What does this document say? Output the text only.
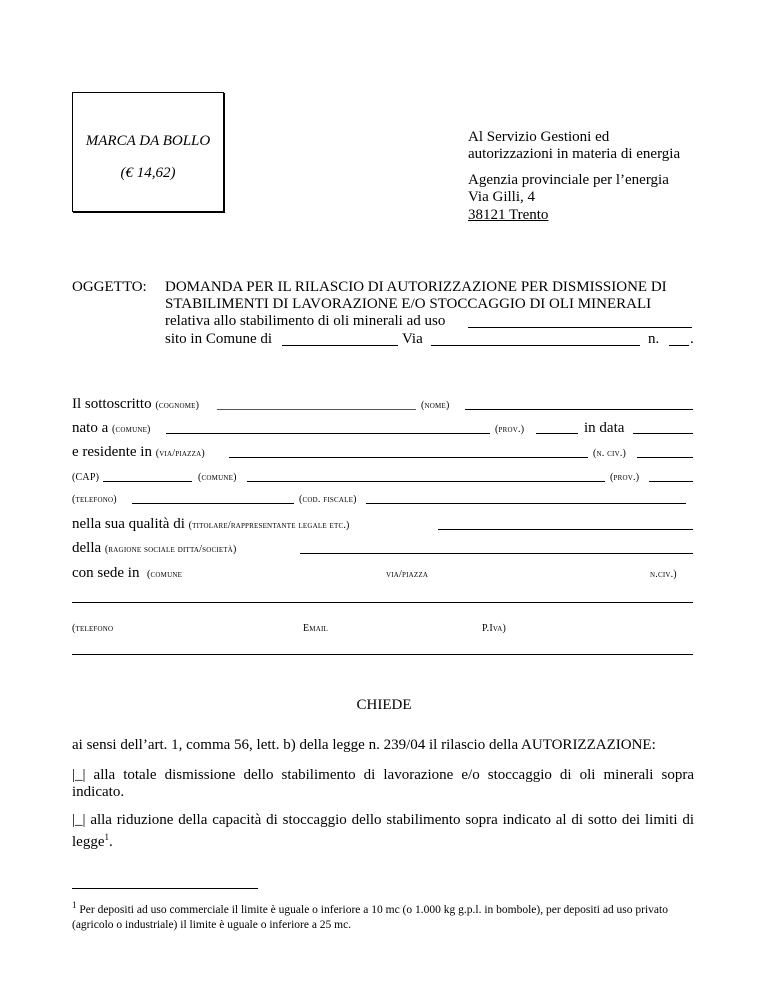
MARCA DA BOLLO
(€ 14,62)
Al Servizio Gestioni ed
autorizzazioni in materia di energia
Agenzia provinciale per l’energia
Via Gilli, 4
38121 Trento
OGGETTO: DOMANDA PER IL RILASCIO DI AUTORIZZAZIONE PER DISMISSIONE DI
STABILIMENTI DI LAVORAZIONE E/O STOCCAGGIO DI OLI MINERALI
relativa allo stabilimento di oli minerali ad uso
sito in Comune di	Via	n. .
Il sottoscritto (cognome)	(nome)
nato a (comune)	(prov.)	in data
e residente in (via/piazza)	(n. civ.)
(CAP)	(comune)	(prov.)
(telefono)	(cod. fiscale)
nella sua qualità di (titolare/rappresentante legale etc.)
della (ragione sociale ditta/società)
con sede in (comune	via/piazza	n.civ.)
(telefono	Email	P.Iva)
CHIEDE
ai sensi dell’art. 1, comma 56, lett. b) della legge n. 239/04 il rilascio della AUTORIZZAZIONE:
|_| alla totale dismissione dello stabilimento di lavorazione e/o stoccaggio di oli minerali sopra indicato.
|_| alla riduzione della capacità di stoccaggio dello stabilimento sopra indicato al di sotto dei limiti di legge$^1$.
$^1$ Per depositi ad uso commerciale il limite è uguale o inferiore a 10 mc (o 1.000 kg g.p.l. in bombole), per depositi ad uso privato (agricolo o industriale) il limite è uguale o inferiore a 25 mc.
